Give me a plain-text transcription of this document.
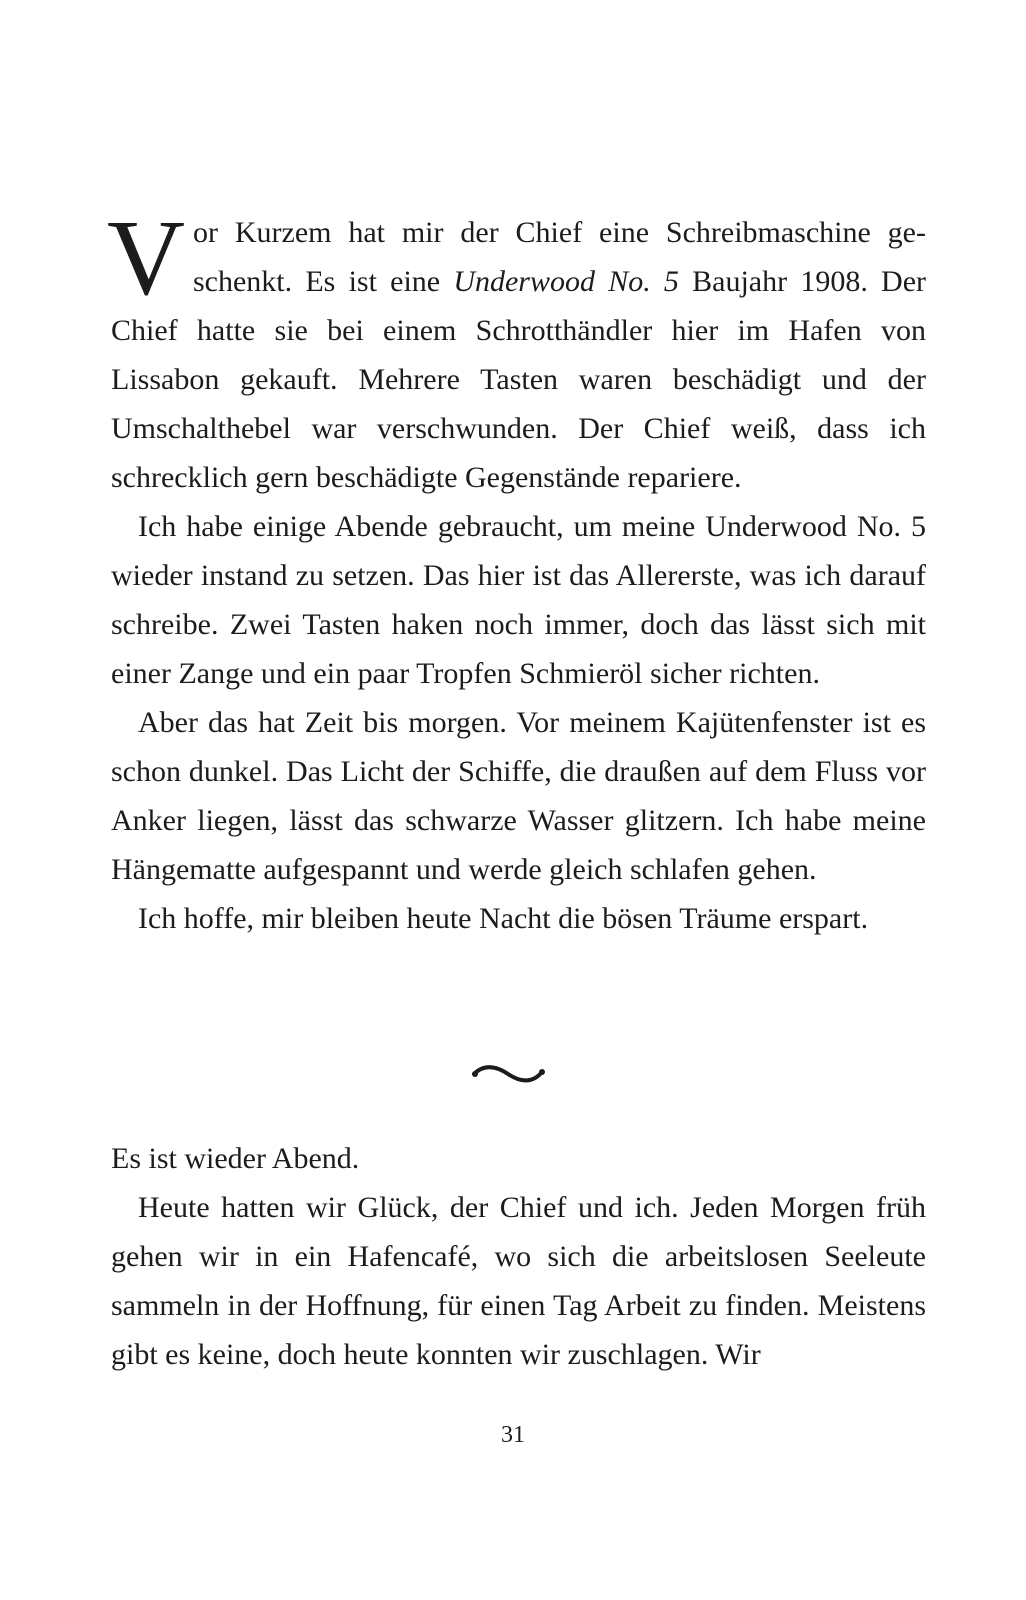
Vor Kurzem hat mir der Chief eine Schreibmaschine geschenkt. Es ist eine Underwood No. 5 Baujahr 1908. Der Chief hatte sie bei einem Schrotthändler hier im Hafen von Lissabon gekauft. Mehrere Tasten waren beschädigt und der Umschalthebel war verschwunden. Der Chief weiß, dass ich schrecklich gern beschädigte Gegenstände repariere.

Ich habe einige Abende gebraucht, um meine Underwood No. 5 wieder instand zu setzen. Das hier ist das Allererste, was ich darauf schreibe. Zwei Tasten haken noch immer, doch das lässt sich mit einer Zange und ein paar Tropfen Schmieröl sicher richten.

Aber das hat Zeit bis morgen. Vor meinem Kajütenfenster ist es schon dunkel. Das Licht der Schiffe, die draußen auf dem Fluss vor Anker liegen, lässt das schwarze Wasser glitzern. Ich habe meine Hängematte aufgespannt und werde gleich schlafen gehen.

Ich hoffe, mir bleiben heute Nacht die bösen Träume erspart.

Es ist wieder Abend.

Heute hatten wir Glück, der Chief und ich. Jeden Morgen früh gehen wir in ein Hafencafé, wo sich die arbeitslosen Seeleute sammeln in der Hoffnung, für einen Tag Arbeit zu finden. Meistens gibt es keine, doch heute konnten wir zuschlagen. Wir

31
